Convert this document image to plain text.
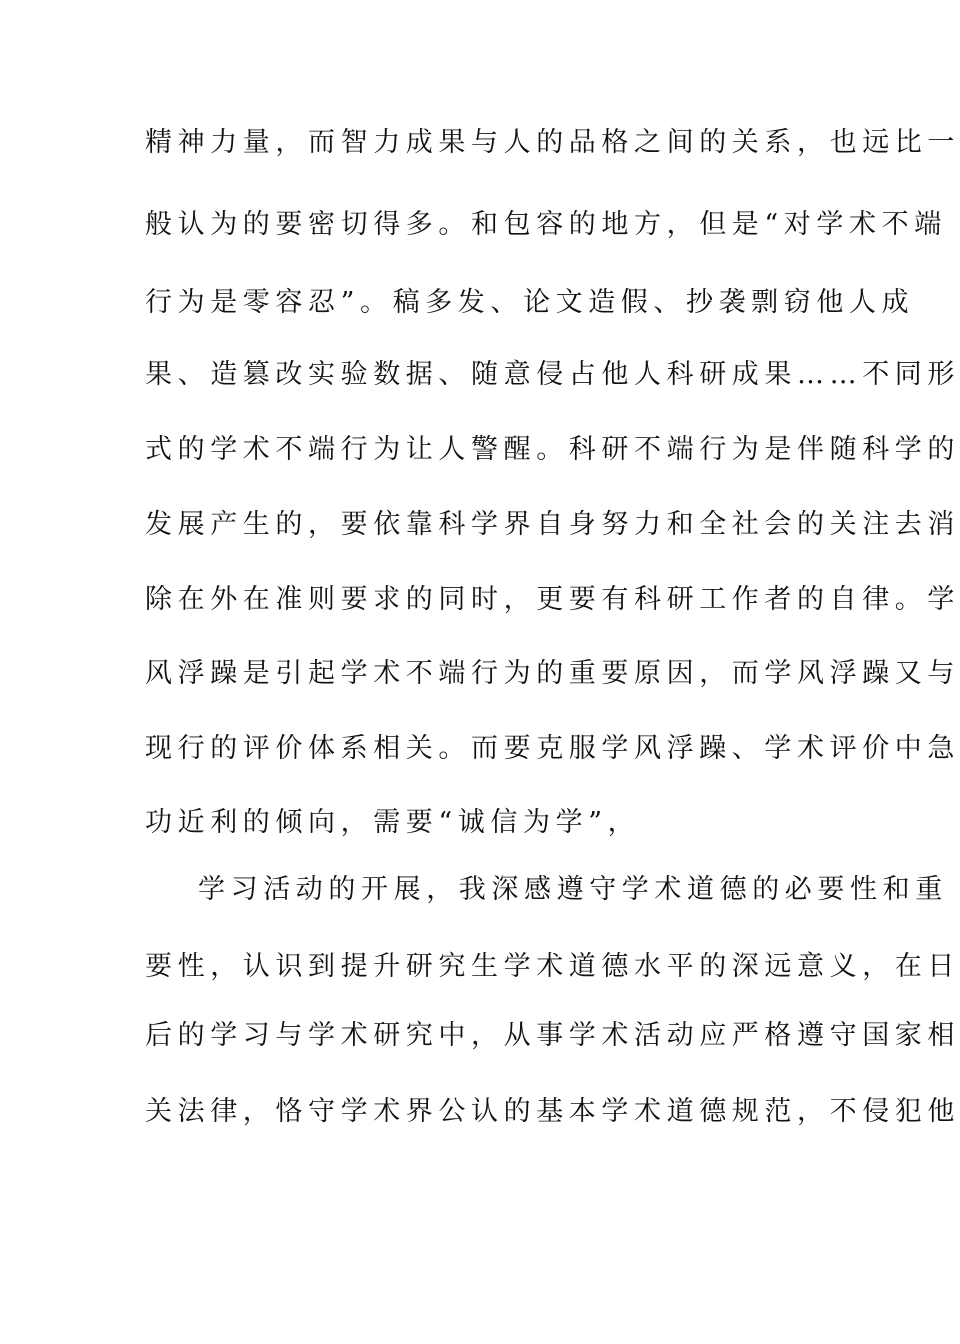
精神力量，而智力成果与人的品格之间的关系，也远比一
般认为的要密切得多。和包容的地方，但是“对学术不端
行为是零容忍”。稿多发、论文造假、抄袭剽窃他人成
果、造篡改实验数据、随意侵占他人科研成果……不同形
式的学术不端行为让人警醒。科研不端行为是伴随科学的
发展产生的，要依靠科学界自身努力和全社会的关注去消
除在外在准则要求的同时，更要有科研工作者的自律。学
风浮躁是引起学术不端行为的重要原因，而学风浮躁又与
现行的评价体系相关。而要克服学风浮躁、学术评价中急
功近利的倾向，需要“诚信为学”，
学习活动的开展，我深感遵守学术道德的必要性和重
要性，认识到提升研究生学术道德水平的深远意义，在日
后的学习与学术研究中，从事学术活动应严格遵守国家相
关法律，恪守学术界公认的基本学术道德规范，不侵犯他
